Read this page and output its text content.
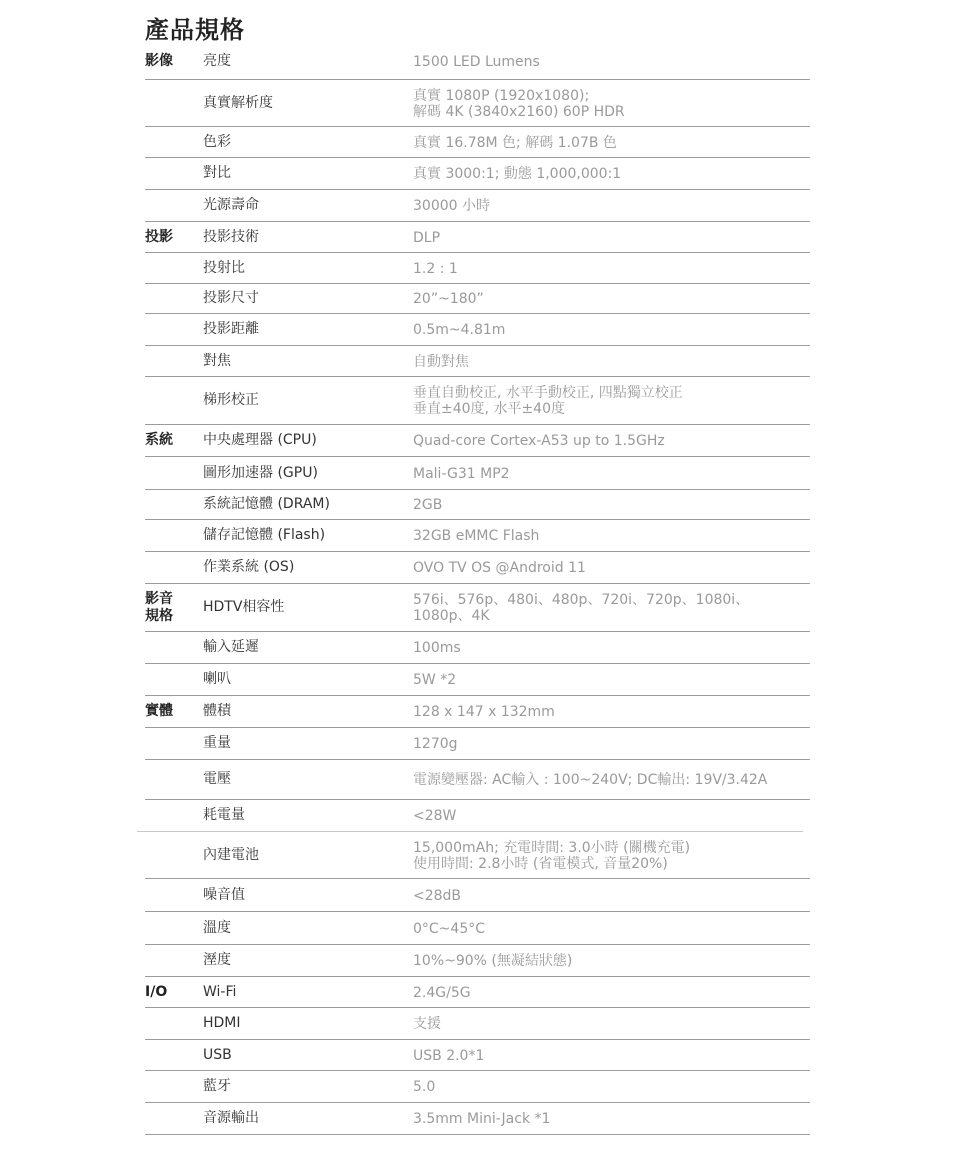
產品規格
影像 亮度	1500 LED Lumens
真實解析度	真實 1080P (1920x1080);
解碼 4K (3840x2160) 60P HDR
色彩	真實 16.78M 色; 解碼 1.07B 色
對比	真實 3000:1; 動態 1,000,000:1
光源壽命	30000 小時
投影 投影技術	DLP
投射比	1.2 : 1
投影尺寸	20”~180”
投影距離	0.5m~4.81m
對焦	自動對焦
梯形校正	垂直自動校正, 水平手動校正, 四點獨立校正
垂直±40度, 水平±40度
系統 中央處理器 (CPU)	Quad-core Cortex-A53 up to 1.5GHz
圖形加速器 (GPU)	Mali-G31 MP2
系統記憶體 (DRAM)	2GB
儲存記憶體 (Flash)	32GB eMMC Flash
作業系統 (OS)	OVO TV OS @Android 11
影音
規格
HDTV相容性	576i、576p、480i、480p、720i、720p、1080i、
1080p、4K
輸入延遲	100ms
喇叭	5W *2
實體 體積	128 x 147 x 132mm
重量	1270g
電壓	電源變壓器: AC輸入 : 100~240V; DC輸出: 19V/3.42A
耗電量	<28W
內建電池	15,000mAh; 充電時間: 3.0小時 (關機充電)
使用時間: 2.8小時 (省電模式, 音量20%)
噪音值	<28dB
溫度	0°C~45°C
溼度	10%~90% (無凝結狀態)
I/O	Wi-Fi	2.4G/5G
HDMI	支援
USB	USB 2.0*1
藍牙	5.0
音源輸出	3.5mm Mini-Jack *1
